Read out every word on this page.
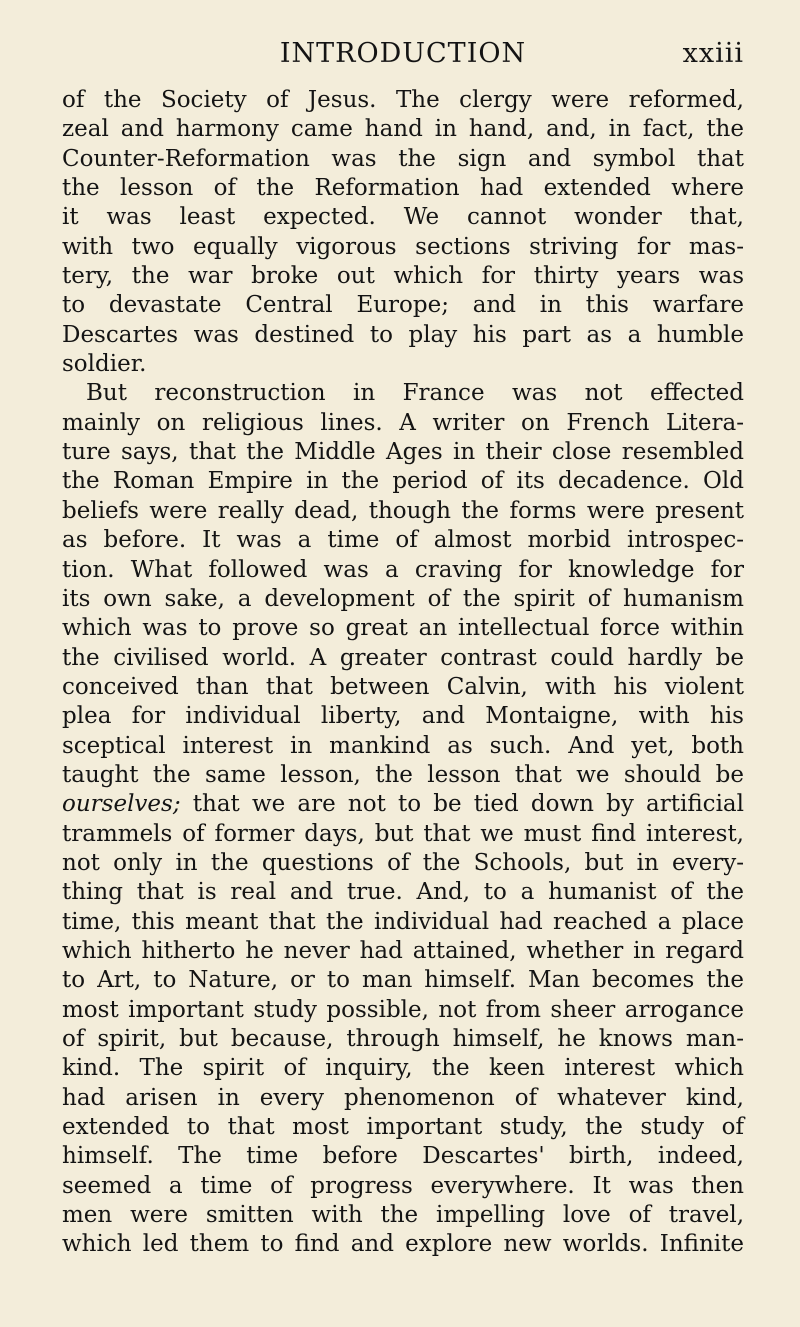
INTRODUCTION	xxiii
of the Society of Jesus. The clergy were reformed,
zeal and harmony came hand in hand, and, in fact, the
Counter-Reformation was the sign and symbol that
the lesson of the Reformation had extended where
it was least expected. We cannot wonder that,
with two equally vigorous sections striving for mas-
tery, the war broke out which for thirty years was
to devastate Central Europe; and in this warfare
Descartes was destined to play his part as a humble
soldier.
But reconstruction in France was not effected
mainly on religious lines. A writer on French Litera-
ture says, that the Middle Ages in their close resembled
the Roman Empire in the period of its decadence. Old
beliefs were really dead, though the forms were present
as before. It was a time of almost morbid introspec-
tion. What followed was a craving for knowledge for
its own sake, a development of the spirit of humanism
which was to prove so great an intellectual force within
the civilised world. A greater contrast could hardly be
conceived than that between Calvin, with his violent
plea for individual liberty, and Montaigne, with his
sceptical interest in mankind as such. And yet, both
taught the same lesson, the lesson that we should be
ourselves; that we are not to be tied down by artificial
trammels of former days, but that we must find interest,
not only in the questions of the Schools, but in every-
thing that is real and true. And, to a humanist of the
time, this meant that the individual had reached a place
which hitherto he never had attained, whether in regard
to Art, to Nature, or to man himself. Man becomes the
most important study possible, not from sheer arrogance
of spirit, but because, through himself, he knows man-
kind. The spirit of inquiry, the keen interest which
had arisen in every phenomenon of whatever kind,
extended to that most important study, the study of
himself. The time before Descartes' birth, indeed,
seemed a time of progress everywhere. It was then
men were smitten with the impelling love of travel,
which led them to find and explore new worlds. Infinite
